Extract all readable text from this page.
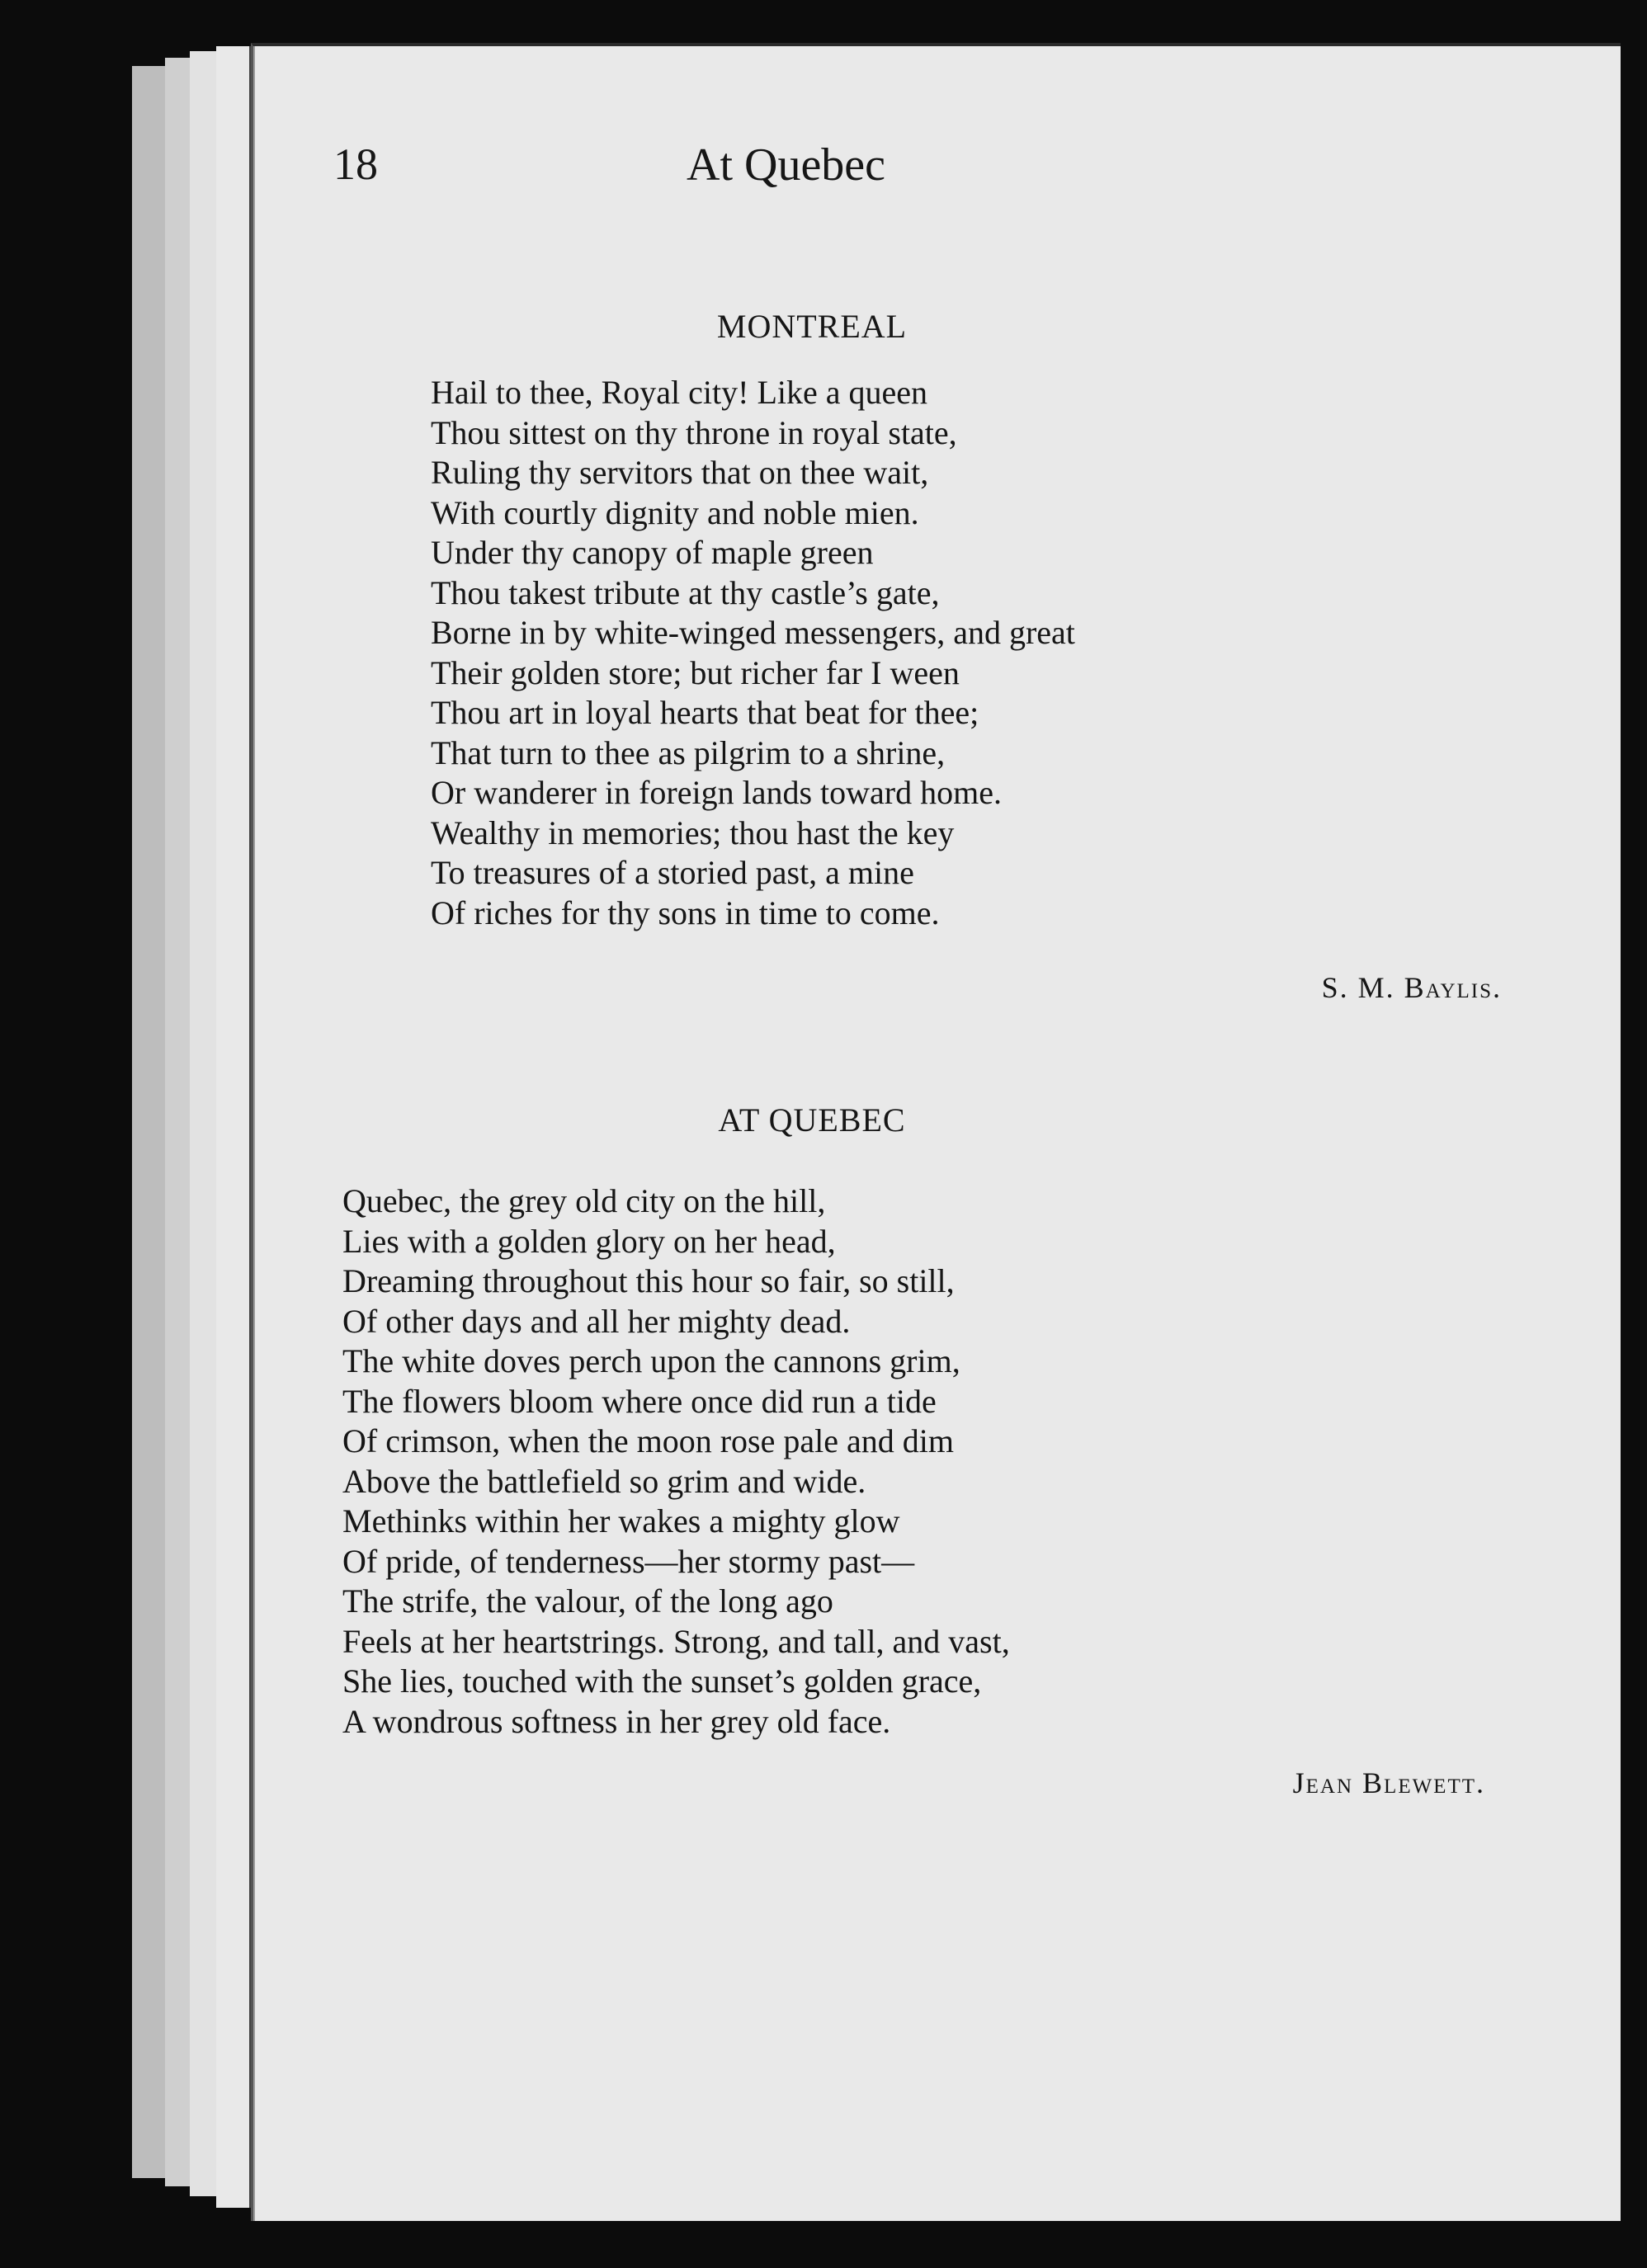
18	At Quebec
MONTREAL
Hail to thee, Royal city! Like a queen
Thou sittest on thy throne in royal state,
Ruling thy servitors that on thee wait,
With courtly dignity and noble mien.
Under thy canopy of maple green
Thou takest tribute at thy castle’s gate,
Borne in by white-winged messengers, and great
Their golden store; but richer far I ween
Thou art in loyal hearts that beat for thee;
That turn to thee as pilgrim to a shrine,
Or wanderer in foreign lands toward home.
Wealthy in memories; thou hast the key
To treasures of a storied past, a mine
Of riches for thy sons in time to come.
S. M. Baylis.
AT QUEBEC
Quebec, the grey old city on the hill,
Lies with a golden glory on her head,
Dreaming throughout this hour so fair, so still,
Of other days and all her mighty dead.
The white doves perch upon the cannons grim,
The flowers bloom where once did run a tide
Of crimson, when the moon rose pale and dim
Above the battlefield so grim and wide.
Methinks within her wakes a mighty glow
Of pride, of tenderness—her stormy past—
The strife, the valour, of the long ago
Feels at her heartstrings. Strong, and tall, and vast,
She lies, touched with the sunset’s golden grace,
A wondrous softness in her grey old face.
Jean Blewett.
